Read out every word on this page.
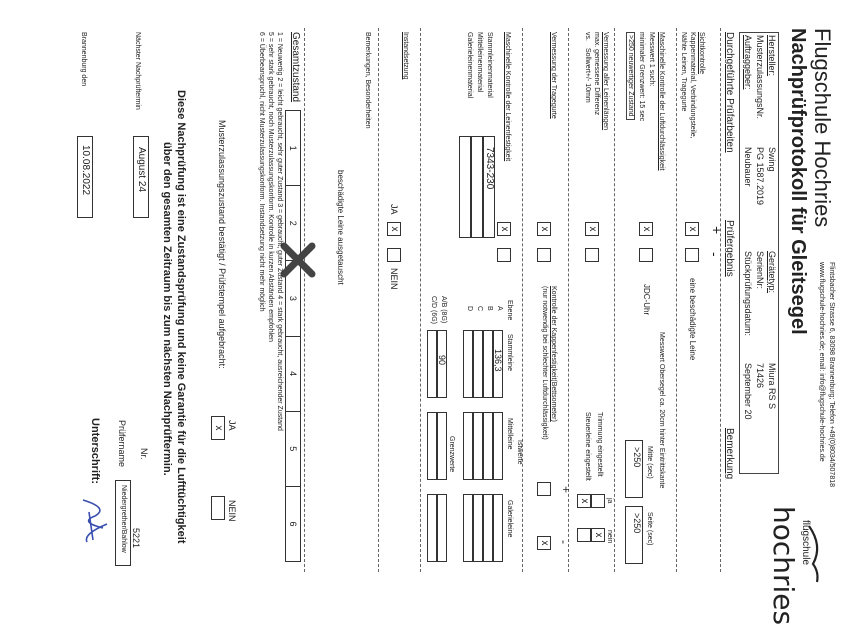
Flugschule Hochries
Flintsbacher Strasse 6, 83098 Brannenburg; Telefon +49(0)8034/507818
www.flugschule-hochries.de; email: info@flugschule-hochries.de
Nachprüfprotokoll für Gleitsegel
flugschule
hochries
Hersteller:
Swing
Gerätetyp:
Miura RS S
MusterzulassungsNr.
PG 1587.2019
SerienNr:
71426
Auftraggeber:
Neubauer
Stückprüfungsdatum:
September 20
Durchgeführte Prüfarbeiten
Prüfergebnis
Bemerkung
+
-
Sichtkontrolle
Kappenmaterial, Verbindungsteile,
Nähte Leinen, Tragegurte
x
eine beschädigte Leine
Maschinelle Kontrolle der Luftdurchlässigkeit
Messwert 1 such:
minimaler Grenzwert: 15 sec
>250 neuwertiger Zustand
x
JDC-Uhr
Messwert Obersegel ca. 20cm hinter Eintrittskante
Mitte (sec)
Seite (sec)
>250
>250
Vermessung aller Leinenlängen
max. gemessene Differenz
vs.
Sollwert+/- 10mm
x
Trimmung eingestellt
Steuerleine eingestellt
ja
nein
x
x
Vermessung der Tragegurte
x
Kontrolle der Kappenfestigkeit(Bettsometer)
(nur notwendig bei schlechter Luftdurchlässigkeit)
+
-
x
Maschinelle Kontrolle der Leinenfestigkeit
x
Stammleinenmaterial
Mittelleinenmaterial
Galerieleinenmaterial
7343-230
Ebene
A
B
C
D
Istwerte
Stammleine
Mittelleine
Galerieleine
136,3
Grenzwerte
A/B (8G)
C/D (6G)
90
Instandsetzung
JA
x
NEIN
Bemerkungen, Besonderheiten
beschädigte Leine ausgetauscht
Gesamtzustand
1
2
3
4
5
6
1 = Neuwertig 2 = leicht gebraucht, sehr guter Zustand 3 = gebraucht, guter Zustand 4 = stark gebraucht, ausreichender Zustand
5 = sehr stark gebraucht, noch Musterzulassungskonform. Kontrolle in kurzen Abständen empfohlen
6 = Überbeanspruchl, nicht Musterzulassungskonform. Instandsetzung nicht mehr möglich
Musterzulassungszustand bestätigt / Prüfstempel aufgebracht:
JA
x
NEIN
Diese Nachprüfung ist eine Zustandsprüfung und keine Garantie für die Lufttüchtigkeit
über den gesamten Zeitraum bis zum nächsten Nachprüftermin.
Nächster Nachprüftermin
August 24
Nr.
5221
Prüfername
Niedergrether/Bahlow
Unterschrift:
Brannenburg den
10.08.2022
